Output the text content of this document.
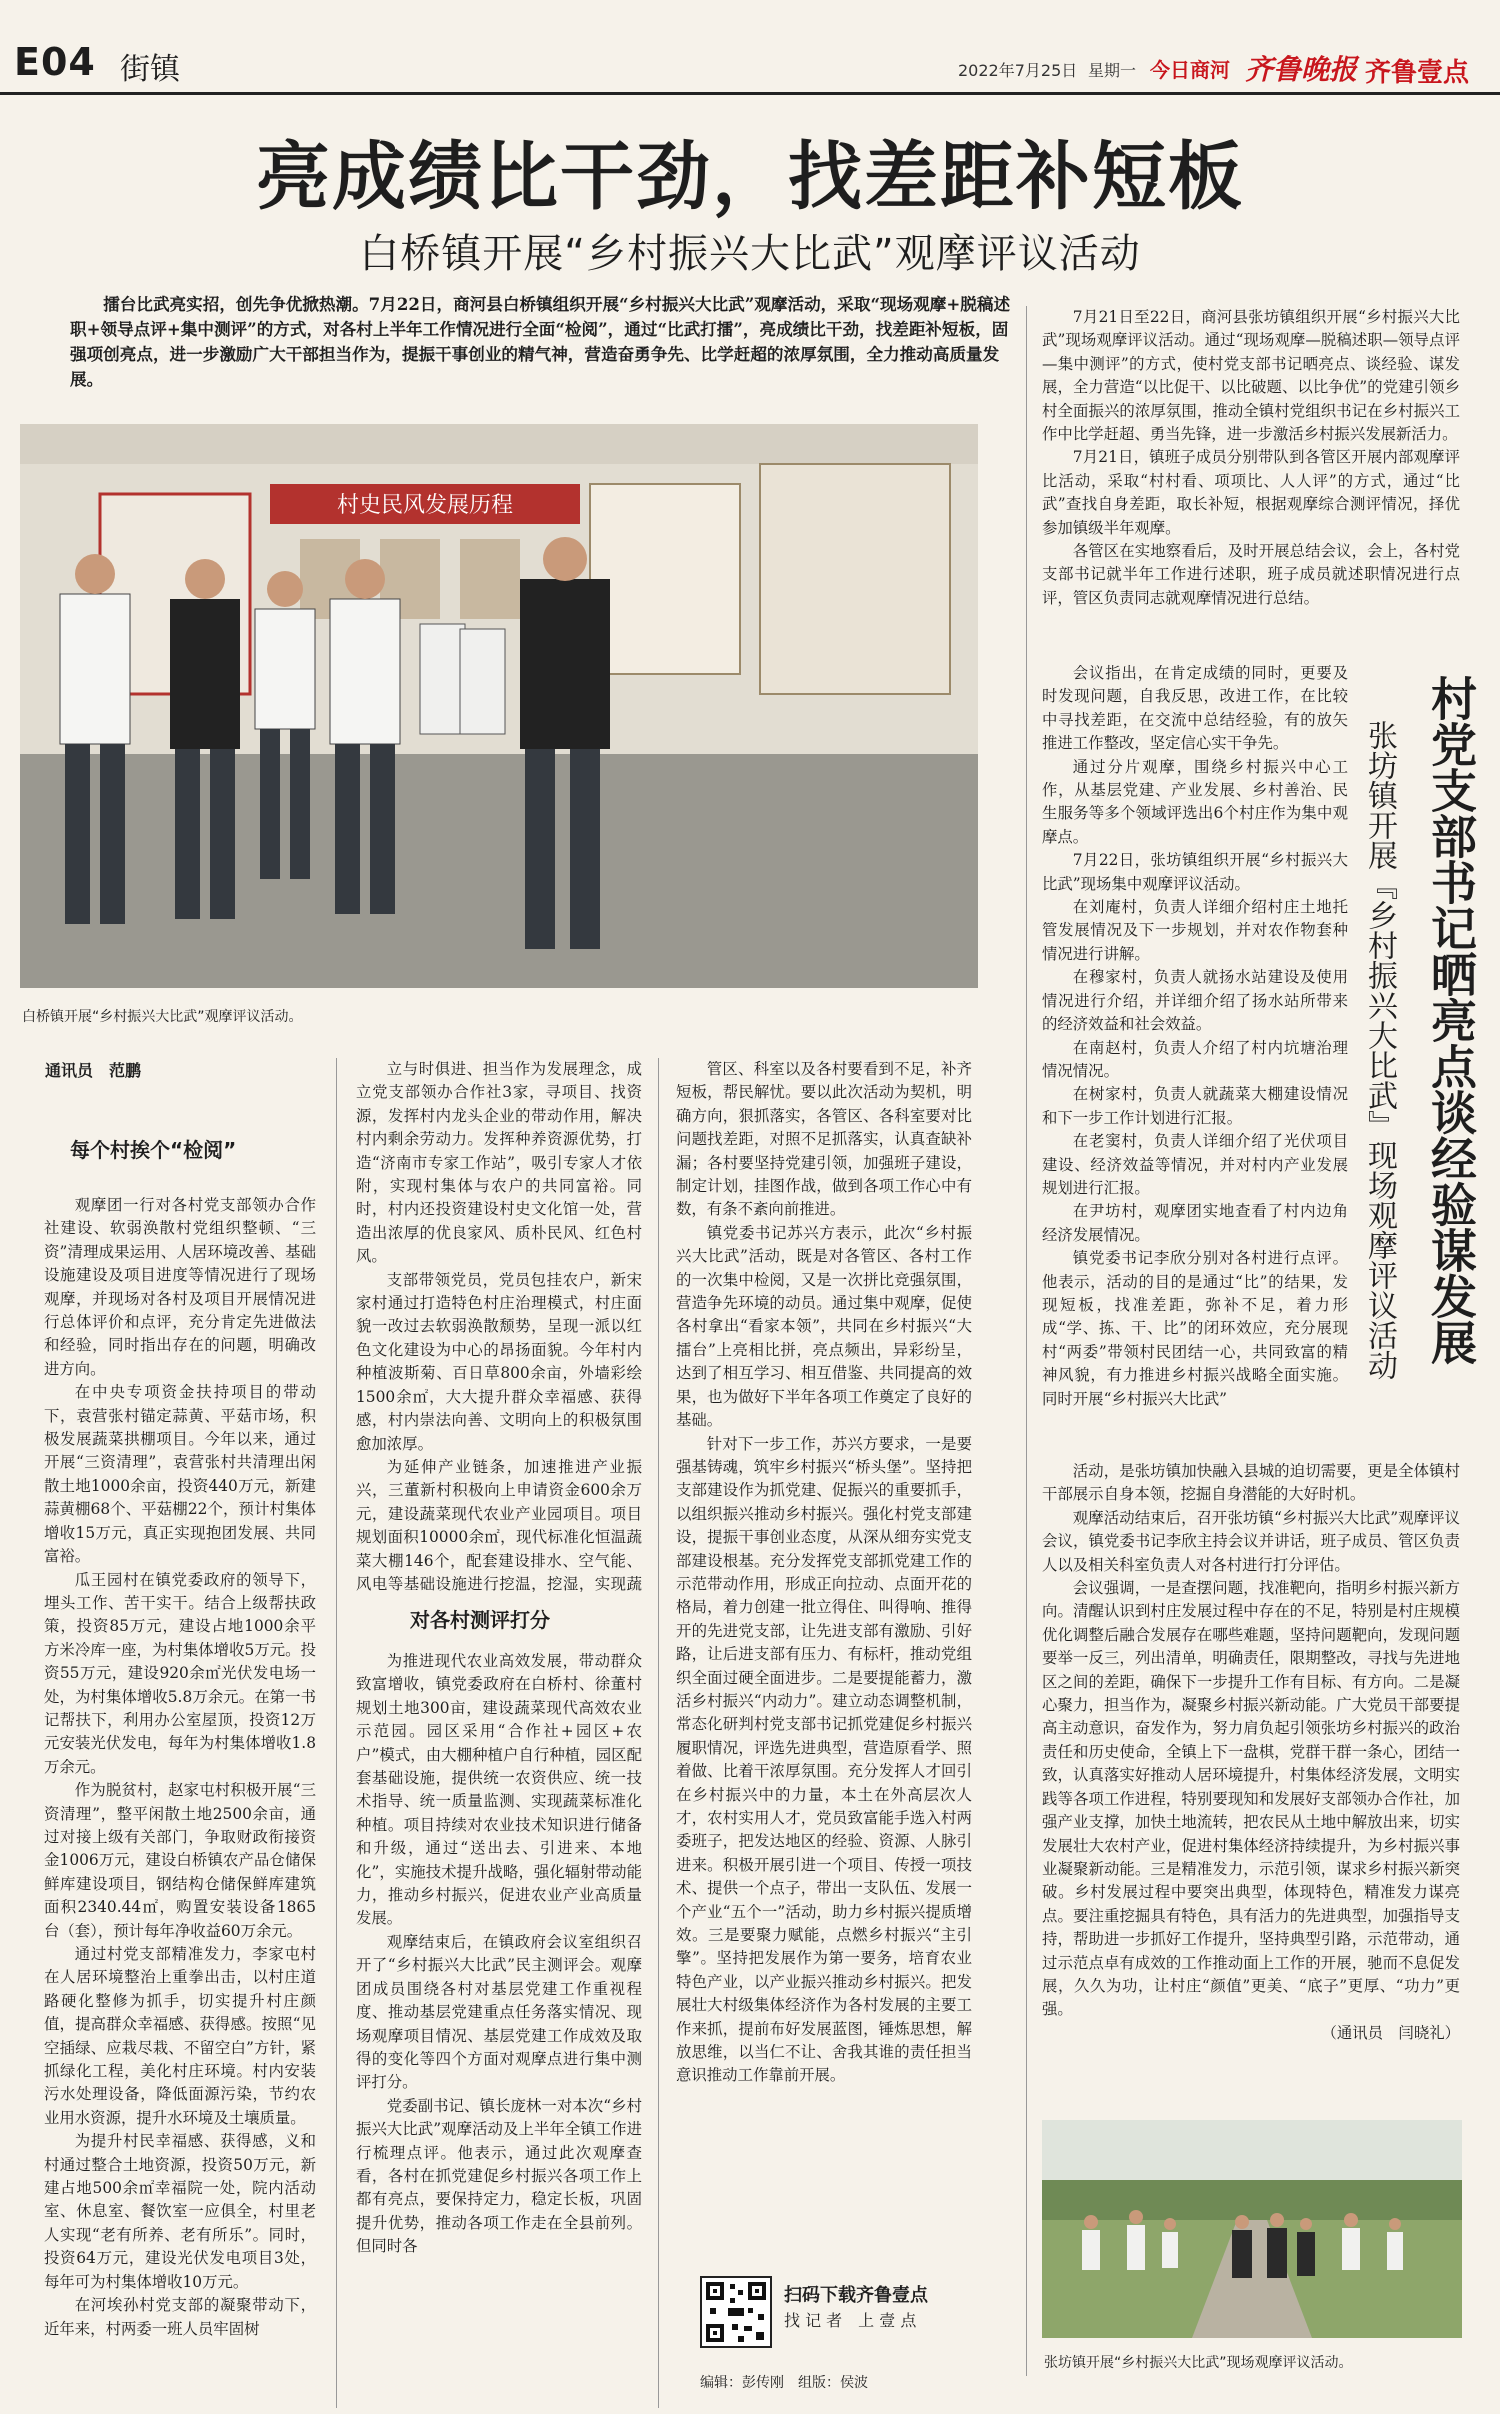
E04 街镇	2022年7月25日 星期一 今日商河 齐鲁晚报 齐鲁壹点
亮成绩比干劲，找差距补短板
白桥镇开展“乡村振兴大比武”观摩评议活动
擂台比武亮实招，创先争优掀热潮。7月22日，商河县白桥镇组织开展“乡村振兴大比武”观摩活动，采取“现场观摩+脱稿述职+领导点评+集中测评”的方式，对各村上半年工作情况进行全面“检阅”，通过“比武打擂”，亮成绩比干劲，找差距补短板，固强项创亮点，进一步激励广大干部担当作为，提振干事创业的精气神，营造奋勇争先、比学赶超的浓厚氛围，全力推动高质量发展。
村史民风发展历程
白桥镇开展“乡村振兴大比武”观摩评议活动。
通讯员　范鹏
每个村挨个“检阅”

观摩团一行对各村党支部领办合作社建设、软弱涣散村党组织整顿、“三资”清理成果运用、人居环境改善、基础设施建设及项目进度等情况进行了现场观摩，并现场对各村及项目开展情况进行总体评价和点评，充分肯定先进做法和经验，同时指出存在的问题，明确改进方向。

在中央专项资金扶持项目的带动下，袁营张村锚定蒜黄、平菇市场，积极发展蔬菜拱棚项目。今年以来，通过开展“三资清理”，袁营张村共清理出闲散土地1000余亩，投资440万元，新建蒜黄棚68个、平菇棚22个，预计村集体增收15万元，真正实现抱团发展、共同富裕。

瓜王园村在镇党委政府的领导下，埋头工作、苦干实干。结合上级帮扶政策，投资85万元，建设占地1000余平方米冷库一座，为村集体增收5万元。投资55万元，建设920余㎡光伏发电场一处，为村集体增收5.8万余元。在第一书记帮扶下，利用办公室屋顶，投资12万元安装光伏发电，每年为村集体增收1.8万余元。

作为脱贫村，赵家屯村积极开展“三资清理”，整平闲散土地2500余亩，通过对接上级有关部门，争取财政衔接资金1006万元，建设白桥镇农产品仓储保鲜库建设项目，钢结构仓储保鲜库建筑面积2340.44㎡，购置安装设备1865台（套），预计每年净收益60万余元。

通过村党支部精准发力，李家屯村在人居环境整治上重拳出击，以村庄道路硬化整修为抓手，切实提升村庄颜值，提高群众幸福感、获得感。按照“见空插绿、应栽尽栽、不留空白”方针，紧抓绿化工程，美化村庄环境。村内安装污水处理设备，降低面源污染，节约农业用水资源，提升水环境及土壤质量。

为提升村民幸福感、获得感，义和村通过整合土地资源，投资50万元，新建占地500余㎡幸福院一处，院内活动室、休息室、餐饮室一应俱全，村里老人实现“老有所养、老有所乐”。同时，投资64万元，建设光伏发电项目3处，每年可为村集体增收10万元。

在河埃孙村党支部的凝聚带动下，近年来，村两委一班人员牢固树

立与时俱进、担当作为发展理念，成立党支部领办合作社3家，寻项目、找资源，发挥村内龙头企业的带动作用，解决村内剩余劳动力。发挥种养资源优势，打造“济南市专家工作站”，吸引专家人才依附，实现村集体与农户的共同富裕。同时，村内还投资建设村史文化馆一处，营造出浓厚的优良家风、质朴民风、红色村风。

支部带领党员，党员包挂农户，新宋家村通过打造特色村庄治理模式，村庄面貌一改过去软弱涣散颓势，呈现一派以红色文化建设为中心的昂扬面貌。今年村内种植波斯菊、百日草800余亩，外墙彩绘1500余㎡，大大提升群众幸福感、获得感，村内崇法向善、文明向上的积极氛围愈加浓厚。

为延伸产业链条，加速推进产业振兴，三董新村积极向上申请资金600余万元，建设蔬菜现代农业产业园项目。项目规划面积10000余㎡，现代标准化恒温蔬菜大棚146个，配套建设排水、空气能、风电等基础设施进行挖温，挖湿，实现蔬

对各村测评打分

为推进现代农业高效发展，带动群众致富增收，镇党委政府在白桥村、徐董村规划土地300亩，建设蔬菜现代高效农业示范园。园区采用“合作社+园区+农户”模式，由大棚种植户自行种植，园区配套基础设施，提供统一农资供应、统一技术指导、统一质量监测、实现蔬菜标准化种植。项目持续对农业技术知识进行储备和升级，通过“送出去、引进来、本地化”，实施技术提升战略，强化辐射带动能力，推动乡村振兴，促进农业产业高质量发展。

观摩结束后，在镇政府会议室组织召开了“乡村振兴大比武”民主测评会。观摩团成员围绕各村对基层党建工作重视程度、推动基层党建重点任务落实情况、现场观摩项目情况、基层党建工作成效及取得的变化等四个方面对观摩点进行集中测评打分。

党委副书记、镇长庞林一对本次“乡村振兴大比武”观摩活动及上半年全镇工作进行梳理点评。他表示，通过此次观摩查看，各村在抓党建促乡村振兴各项工作上都有亮点，要保持定力，稳定长板，巩固提升优势，推动各项工作走在全县前列。但同时各

管区、科室以及各村要看到不足，补齐短板，帮民解忧。要以此次活动为契机，明确方向，狠抓落实，各管区、各科室要对比问题找差距，对照不足抓落实，认真查缺补漏；各村要坚持党建引领，加强班子建设，制定计划，挂图作战，做到各项工作心中有数，有条不紊向前推进。

镇党委书记苏兴方表示，此次“乡村振兴大比武”活动，既是对各管区、各村工作的一次集中检阅，又是一次拼比竞强氛围，营造争先环境的动员。通过集中观摩，促使各村拿出“看家本领”，共同在乡村振兴“大擂台”上亮相比拼，亮点频出，异彩纷呈，达到了相互学习、相互借鉴、共同提高的效果，也为做好下半年各项工作奠定了良好的基础。

针对下一步工作，苏兴方要求，一是要强基铸魂，筑牢乡村振兴“桥头堡”。坚持把支部建设作为抓党建、促振兴的重要抓手，以组织振兴推动乡村振兴。强化村党支部建设，提振干事创业态度，从深从细夯实党支部建设根基。充分发挥党支部抓党建工作的示范带动作用，形成正向拉动、点面开花的格局，着力创建一批立得住、叫得响、推得开的先进党支部，让先进支部有激励、引好路，让后进支部有压力、有标杆，推动党组织全面过硬全面进步。二是要提能蓄力，激活乡村振兴“内动力”。建立动态调整机制，常态化研判村党支部书记抓党建促乡村振兴履职情况，评选先进典型，营造原看学、照着做、比着干浓厚氛围。充分发挥人才回引在乡村振兴中的力量，本土在外高层次人才，农村实用人才，党员致富能手选入村两委班子，把发达地区的经验、资源、人脉引进来。积极开展引进一个项目、传授一项技术、提供一个点子，带出一支队伍、发展一个产业“五个一”活动，助力乡村振兴提质增效。三是要聚力赋能，点燃乡村振兴“主引擎”。坚持把发展作为第一要务，培育农业特色产业，以产业振兴推动乡村振兴。把发展壮大村级集体经济作为各村发展的主要工作来抓，提前布好发展蓝图，锤炼思想，解放思维，以当仁不让、舍我其谁的责任担当意识推动工作靠前开展。

扫码下载齐鲁壹点
找 记 者　上 壹 点
编辑：彭传刚　组版：侯波

7月21日至22日，商河县张坊镇组织开展“乡村振兴大比武”现场观摩评议活动。通过“现场观摩—脱稿述职—领导点评—集中测评”的方式，使村党支部书记晒亮点、谈经验、谋发展，全力营造“以比促干、以比破题、以比争优”的党建引领乡村全面振兴的浓厚氛围，推动全镇村党组织书记在乡村振兴工作中比学赶超、勇当先锋，进一步激活乡村振兴发展新活力。

7月21日，镇班子成员分别带队到各管区开展内部观摩评比活动，采取“村村看、项项比、人人评”的方式，通过“比武”查找自身差距，取长补短，根据观摩综合测评情况，择优参加镇级半年观摩。

各管区在实地察看后，及时开展总结会议，会上，各村党支部书记就半年工作进行述职，班子成员就述职情况进行点评，管区负责同志就观摩情况进行总结。

会议指出，在肯定成绩的同时，更要及时发现问题，自我反思，改进工作，在比较中寻找差距，在交流中总结经验，有的放矢推进工作整改，坚定信心实干争先。

通过分片观摩，围绕乡村振兴中心工作，从基层党建、产业发展、乡村善治、民生服务等多个领域评选出6个村庄作为集中观摩点。

7月22日，张坊镇组织开展“乡村振兴大比武”现场集中观摩评议活动。

在刘庵村，负责人详细介绍村庄土地托管发展情况及下一步规划，并对农作物套种情况进行讲解。

在穆家村，负责人就扬水站建设及使用情况进行介绍，并详细介绍了扬水站所带来的经济效益和社会效益。

在南赵村，负责人介绍了村内坑塘治理情况情况。

在树家村，负责人就蔬菜大棚建设情况和下一步工作计划进行汇报。

在老窦村，负责人详细介绍了光伏项目建设、经济效益等情况，并对村内产业发展规划进行汇报。

在尹坊村，观摩团实地查看了村内边角经济发展情况。

镇党委书记李欣分别对各村进行点评。他表示，活动的目的是通过“比”的结果，发现短板，找准差距，弥补不足，着力形成“学、拣、干、比”的闭环效应，充分展现村“两委”带领村民团结一心，共同致富的精神风貌，有力推进乡村振兴战略全面实施。同时开展“乡村振兴大比武”

村党支部书记晒亮点谈经验谋发展
张坊镇开展『乡村振兴大比武』现场观摩评议活动

活动，是张坊镇加快融入县城的迫切需要，更是全体镇村干部展示自身本领，挖掘自身潜能的大好时机。

观摩活动结束后，召开张坊镇“乡村振兴大比武”观摩评议会议，镇党委书记李欣主持会议并讲话，班子成员、管区负责人以及相关科室负责人对各村进行打分评估。

会议强调，一是查摆问题，找准靶向，指明乡村振兴新方向。清醒认识到村庄发展过程中存在的不足，特别是村庄规模优化调整后融合发展存在哪些难题，坚持问题靶向，发现问题要举一反三，列出清单，明确责任，限期整改，寻找与先进地区之间的差距，确保下一步提升工作有目标、有方向。二是凝心聚力，担当作为，凝聚乡村振兴新动能。广大党员干部要提高主动意识，奋发作为，努力肩负起引领张坊乡村振兴的政治责任和历史使命，全镇上下一盘棋，党群干群一条心，团结一致，认真落实好推动人居环境提升，村集体经济发展，文明实践等各项工作进程，特别要现知和发展好支部领办合作社，加强产业支撑，加快土地流转，把农民从土地中解放出来，切实发展壮大农村产业，促进村集体经济持续提升，为乡村振兴事业凝聚新动能。三是精准发力，示范引领，谋求乡村振兴新突破。乡村发展过程中要突出典型，体现特色，精准发力谋亮点。要注重挖掘具有特色，具有活力的先进典型，加强指导支持，帮助进一步抓好工作提升，坚持典型引路，示范带动，通过示范点卓有成效的工作推动面上工作的开展，驰而不息促发展，久久为功，让村庄“颜值”更美、“底子”更厚、“功力”更强。

（通讯员　闫晓礼）

张坊镇开展“乡村振兴大比武”现场观摩评议活动。
